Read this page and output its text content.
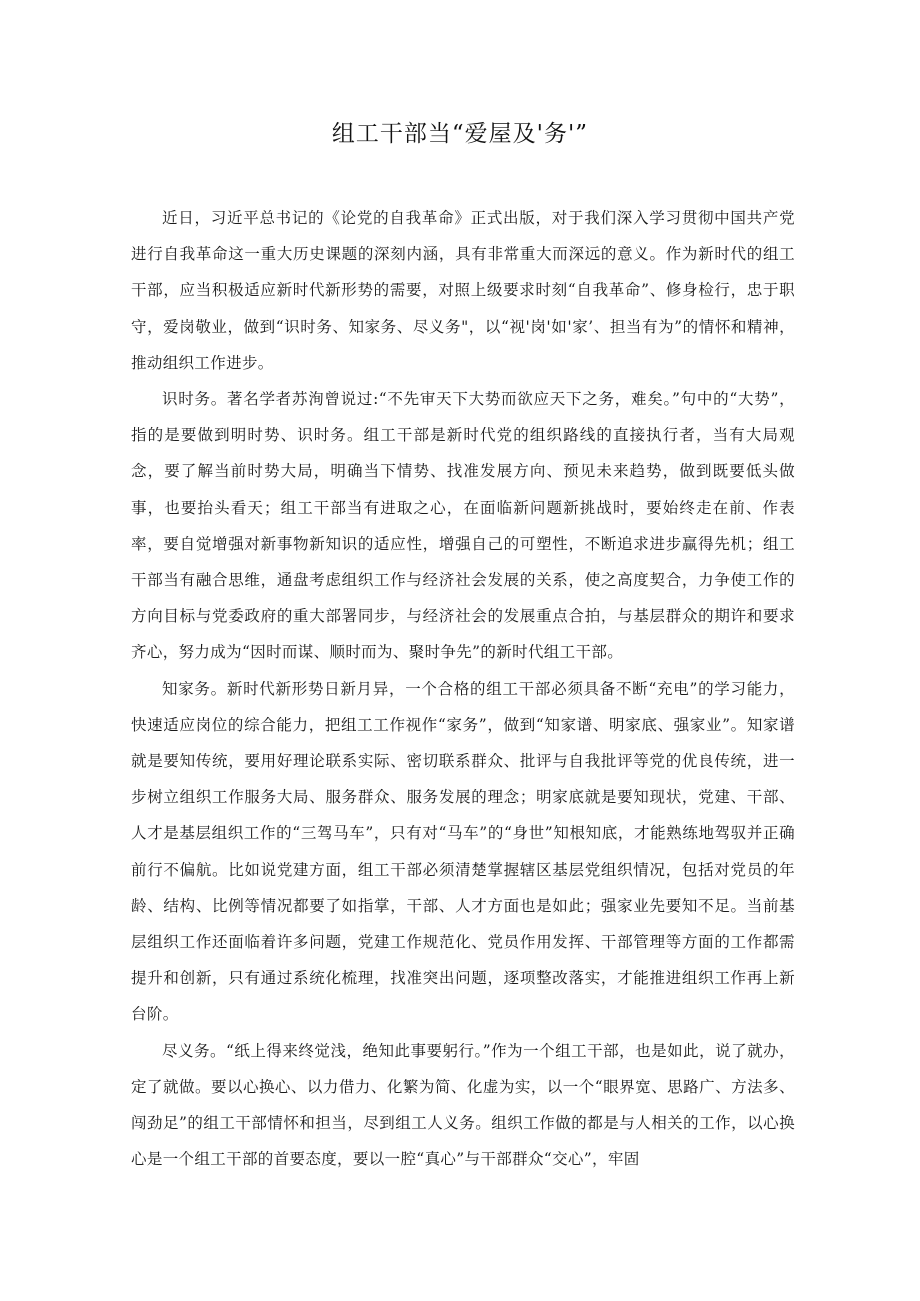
组工干部当“爱屋及'务'”

近日，习近平总书记的《论党的自我革命》正式出版，对于我们深入学习贯彻中国共产党进行自我革命这一重大历史课题的深刻内涵，具有非常重大而深远的意义。作为新时代的组工干部，应当积极适应新时代新形势的需要，对照上级要求时刻“自我革命”、修身检行，忠于职守，爱岗敬业，做到“识时务、知家务、尽义务"，以“视'岗'如'家’、担当有为”的情怀和精神，推动组织工作进步。

识时务。著名学者苏洵曾说过:“不先审天下大势而欲应天下之务，难矣。”句中的“大势”，指的是要做到明时势、识时务。组工干部是新时代党的组织路线的直接执行者，当有大局观念，要了解当前时势大局，明确当下情势、找准发展方向、预见未来趋势，做到既要低头做事，也要抬头看天；组工干部当有进取之心，在面临新问题新挑战时，要始终走在前、作表率，要自觉增强对新事物新知识的适应性，增强自己的可塑性，不断追求进步赢得先机；组工干部当有融合思维，通盘考虑组织工作与经济社会发展的关系，使之高度契合，力争使工作的方向目标与党委政府的重大部署同步，与经济社会的发展重点合拍，与基层群众的期许和要求齐心，努力成为“因时而谋、顺时而为、聚时争先”的新时代组工干部。

知家务。新时代新形势日新月异，一个合格的组工干部必须具备不断“充电”的学习能力，快速适应岗位的综合能力，把组工工作视作“家务”，做到“知家谱、明家底、强家业”。知家谱就是要知传统，要用好理论联系实际、密切联系群众、批评与自我批评等党的优良传统，进一步树立组织工作服务大局、服务群众、服务发展的理念；明家底就是要知现状，党建、干部、人才是基层组织工作的“三驾马车”，只有对“马车”的“身世”知根知底，才能熟练地驾驭并正确前行不偏航。比如说党建方面，组工干部必须清楚掌握辖区基层党组织情况，包括对党员的年龄、结构、比例等情况都要了如指掌，干部、人才方面也是如此；强家业先要知不足。当前基层组织工作还面临着许多问题，党建工作规范化、党员作用发挥、干部管理等方面的工作都需提升和创新，只有通过系统化梳理，找准突出问题，逐项整改落实，才能推进组织工作再上新台阶。

尽义务。“纸上得来终觉浅，绝知此事要躬行。”作为一个组工干部，也是如此，说了就办，定了就做。要以心换心、以力借力、化繁为简、化虚为实，以一个“眼界宽、思路广、方法多、闯劲足”的组工干部情怀和担当，尽到组工人义务。组织工作做的都是与人相关的工作，以心换心是一个组工干部的首要态度，要以一腔“真心”与干部群众“交心”，牢固
